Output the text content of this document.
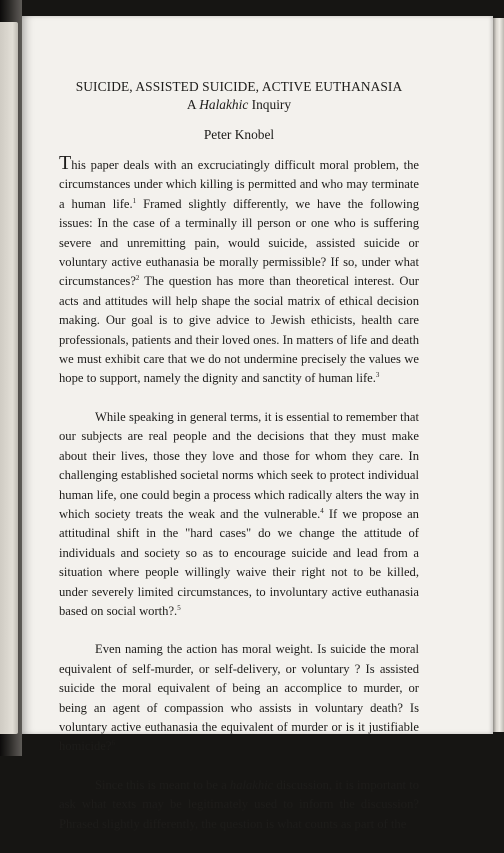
SUICIDE, ASSISTED SUICIDE, ACTIVE EUTHANASIA

A Halakhic Inquiry

Peter Knobel

This paper deals with an excruciatingly difficult moral problem, the circumstances under which killing is permitted and who may terminate a human life.$^1$ Framed slightly differently, we have the following issues: In the case of a terminally ill person or one who is suffering severe and unremitting pain, would suicide, assisted suicide or voluntary active euthanasia be morally permissible? If so, under what circumstances?$^2$ The question has more than theoretical interest. Our acts and attitudes will help shape the social matrix of ethical decision making. Our goal is to give advice to Jewish ethicists, health care professionals, patients and their loved ones. In matters of life and death we must exhibit care that we do not undermine precisely the values we hope to support, namely the dignity and sanctity of human life.$^3$

While speaking in general terms, it is essential to remember that our subjects are real people and the decisions that they must make about their lives, those they love and those for whom they care. In challenging established societal norms which seek to protect individual human life, one could begin a process which radically alters the way in which society treats the weak and the vulnerable.$^4$ If we propose an attitudinal shift in the "hard cases" do we change the attitude of individuals and society so as to encourage suicide and lead from a situation where people willingly waive their right not to be killed, under severely limited circumstances, to involuntary active euthanasia based on social worth?.$^5$

Even naming the action has moral weight. Is suicide the moral equivalent of self-murder, or self-delivery, or voluntary ? Is assisted suicide the moral equivalent of being an accomplice to murder, or being an agent of compassion who assists in voluntary death? Is voluntary active euthanasia the equivalent of murder or is it justifiable homicide?$^6$

Since this is meant to be a halakhic discussion, it is important to ask what texts may be legitimately used to inform the discussion? Phrased slightly differently, the question is what counts as part of the
